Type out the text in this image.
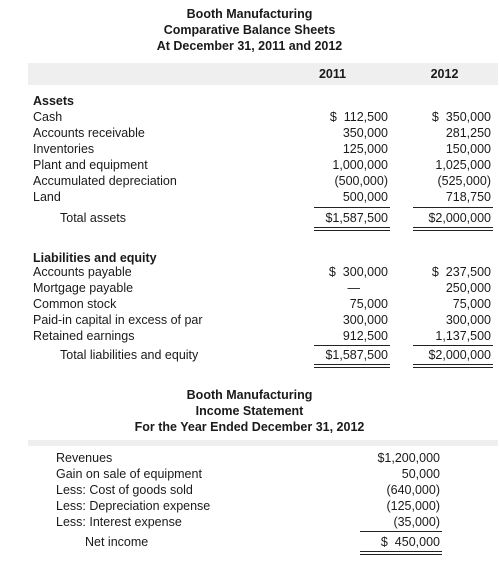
Booth Manufacturing
Comparative Balance Sheets
At December 31, 2011 and 2012
2011	2012
Assets
Cash	$  112,500	$  350,000
Accounts receivable	350,000	281,250
Inventories	125,000	150,000
Plant and equipment	1,000,000	1,025,000
Accumulated depreciation	(500,000)	(525,000)
Land	500,000	718,750
Total assets	$1,587,500	$2,000,000
Liabilities and equity
Accounts payable	$  300,000	$  237,500
Mortgage payable	—	250,000
Common stock	75,000	75,000
Paid-in capital in excess of par	300,000	300,000
Retained earnings	912,500	1,137,500
Total liabilities and equity	$1,587,500	$2,000,000
Booth Manufacturing
Income Statement
For the Year Ended December 31, 2012
Revenues	$1,200,000
Gain on sale of equipment	50,000
Less: Cost of goods sold	(640,000)
Less: Depreciation expense	(125,000)
Less: Interest expense	(35,000)
Net income	$  450,000
